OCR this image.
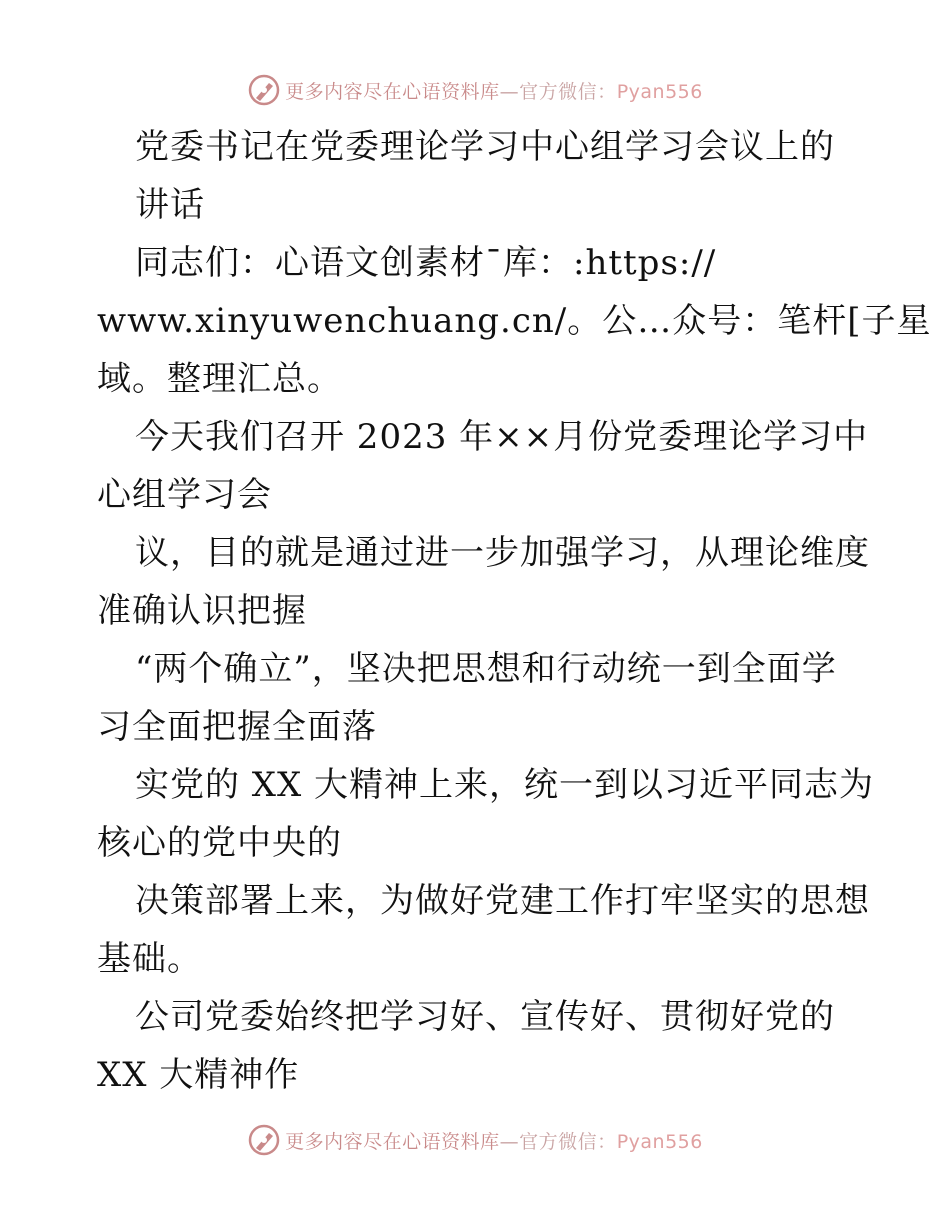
更多内容尽在心语资料库—官方微信：Pyan556
党委书记在党委理论学习中心组学习会议上的
讲话
同志们：心语文创素材¯库：:https://
www.xinyuwenchuang.cn/。公…众号：笔杆[子星
域。整理汇总。
今天我们召开 2023 年××月份党委理论学习中
心组学习会
议，目的就是通过进一步加强学习，从理论维度
准确认识把握
“两个确立”，坚决把思想和行动统一到全面学
习全面把握全面落
实党的 XX 大精神上来，统一到以习近平同志为
核心的党中央的
决策部署上来，为做好党建工作打牢坚实的思想
基础。
公司党委始终把学习好、宣传好、贯彻好党的
XX 大精神作
更多内容尽在心语资料库—官方微信：Pyan556
